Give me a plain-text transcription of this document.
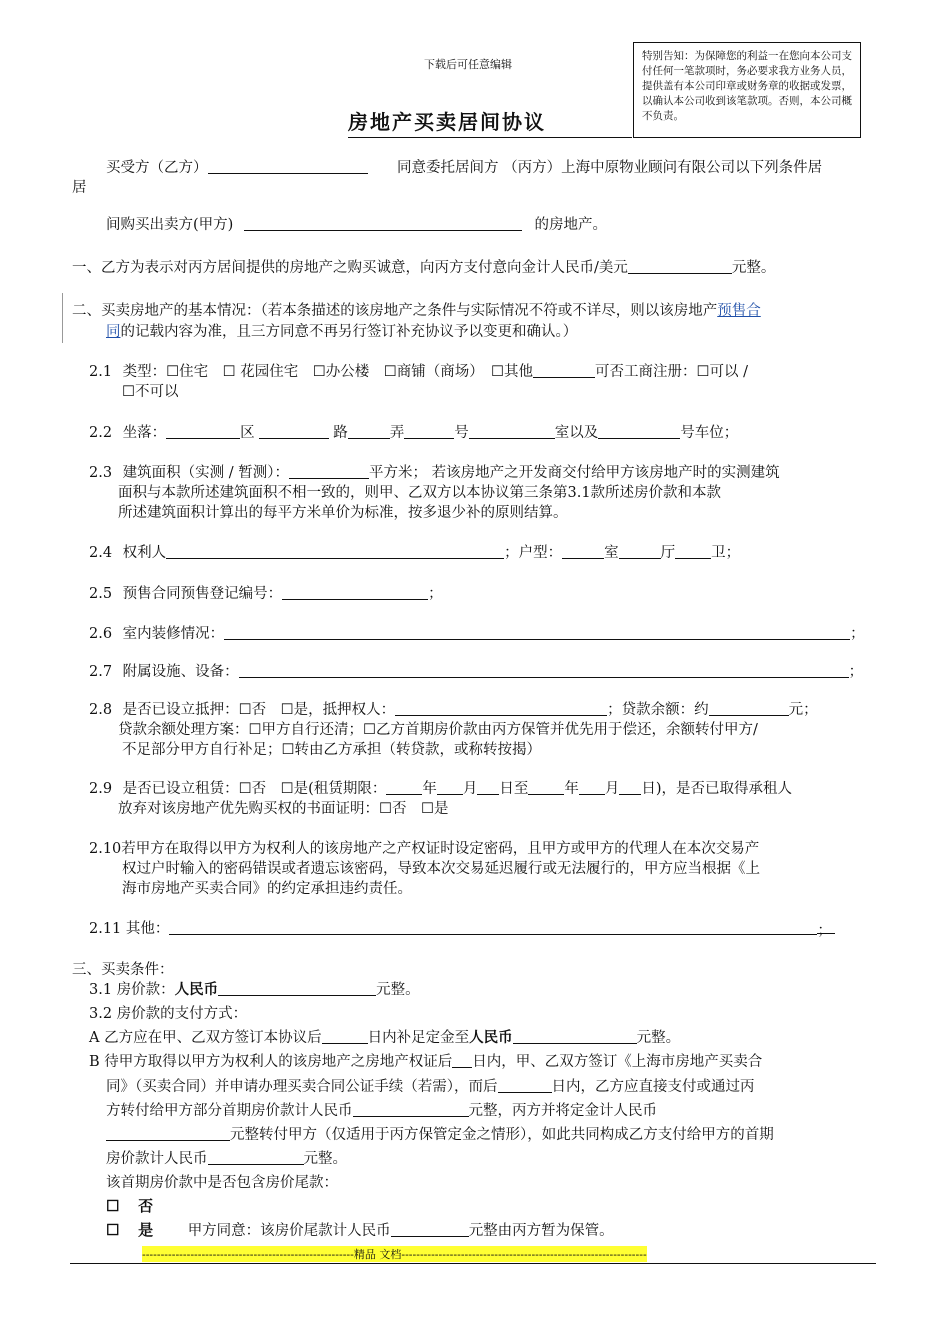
下载后可任意编辑
特别告知：为保障您的利益一在您向本公司支付任何一笔款项时，务必要求我方业务人员，提供盖有本公司印章或财务章的收据或发票，以确认本公司收到该笔款项。否则，本公司概不负责。
房地产买卖居间协议
买受方（乙方）	同意委托居间方 （丙方）上海中原物业顾问有限公司以下列条件居
居
间购买出卖方(甲方)	的房地产。
一、乙方为表示对丙方居间提供的房地产之购买诚意，向丙方支付意向金计人民币/美元	元整。
二、买卖房地产的基本情况：（若本条描述的该房地产之条件与实际情况不符或不详尽，则以该房地产预售合
同的记载内容为准，且三方同意不再另行签订补充协议予以变更和确认。）
2.1 类型：☐住宅　☐ 花园住宅　☐办公楼　☐商铺（商场）　☐其他	可否工商注册：☐可以 /
☐不可以
2.2 坐落：	区	路	弄	号	室以及	号车位；
2.3 建筑面积（实测 / 暂测）：	平方米； 若该房地产之开发商交付给甲方该房地产时的实测建筑
面积与本款所述建筑面积不相一致的，则甲、乙双方以本协议第三条第3.1款所述房价款和本款
所述建筑面积计算出的每平方米单价为标准，按多退少补的原则结算。
2.4 权利人	；户型：	室	厅 卫；
2.5 预售合同预售登记编号：	；
2.6 室内装修情况：	；
2.7 附属设施、设备：	；
2.8 是否已设立抵押：☐否　☐是，抵押权人：	；贷款余额：约	元；
贷款余额处理方案：☐甲方自行还清；☐乙方首期房价款由丙方保管并优先用于偿还，余额转付甲方/
不足部分甲方自行补足；☐转由乙方承担（转贷款，或称转按揭）
2.9 是否已设立租赁：☐否　☐是(租赁期限： 年 月 日至 年 月 日)，是否已取得承租人
放弃对该房地产优先购买权的书面证明：☐否　☐是
2.10若甲方在取得以甲方为权利人的该房地产之产权证时设定密码，且甲方或甲方的代理人在本次交易产
权过户时输入的密码错误或者遗忘该密码，导致本次交易延迟履行或无法履行的，甲方应当根据《上
海市房地产买卖合同》的约定承担违约责任。
2.11 其他：	；
三、买卖条件：
3.1 房价款：人民币	元整。
3.2 房价款的支付方式：
A 乙方应在甲、乙双方签订本协议后	日内补足定金至人民币	元整。
B 待甲方取得以甲方为权利人的该房地产之房地产权证后 日内，甲、乙双方签订《上海市房地产买卖合
同》（买卖合同）并申请办理买卖合同公证手续（若需），而后	日内，乙方应直接支付或通过丙
方转付给甲方部分首期房价款计人民币	元整，丙方并将定金计人民币
元整转付甲方（仅适用于丙方保管定金之情形），如此共同构成乙方支付给甲方的首期
房价款计人民币	元整。
该首期房价款中是否包含房价尾款：
☐ 否
☐ 是 甲方同意：该房价尾款计人民币	元整由丙方暂为保管。
---------------------------------------------------------精品 文档------------------------------------------------------------------
